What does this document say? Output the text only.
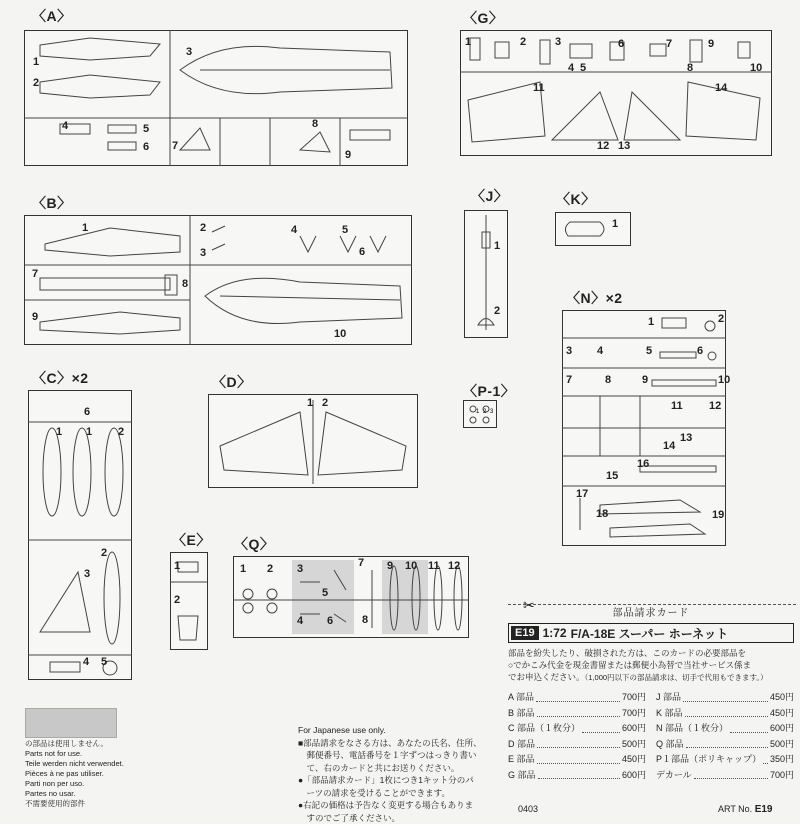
〈A〉
1
2
3
4	5
6 7
8
9
〈G〉
1	2	3
4 5
6	7
8
9
10
11
12 13
14
〈B〉
1	2
3
4	5
6
7
8
9
10
〈J〉
1
2
〈K〉
1
〈N〉×2
1	2
3 4	5	6
7	8	9	10
11 12
13
14
15
16
17
18	19
〈C〉×2
6
1 1 2
2
3
4 5
〈D〉
1 2
〈P-1〉
1 2 3
〈E〉
1
2
〈Q〉
1 2 3
4
5
6
7
8
9 10 11 12
の部品は使用しません。
Parts not for use.
Teile werden nicht verwendet.
Pièces à ne pas utiliser.
Parti non per uso.
Partes no usar.
不需要使用的部件
For Japanese use only.
■部品請求をなさる方は、あなたの氏名、住所、
　郵便番号、電話番号を１字ずつはっきり書い
　て、右のカードと共にお送りください。
●「部品請求カード」1枚につき1キット分のパ
　ーツの請求を受けることができます。
●右記の価格は予告なく変更する場合もありま
　すのでご了承ください。
✂
部品請求カード
E19 1:72 F/A-18E スーパー ホーネット
部品を紛失したり、破損された方は、このカードの必要部品を
○でかこみ代金を現金書留または郵便小為替で当社サービス係ま
でお申込ください。（1,000円以下の部品請求は、切手で代用もできます。）
A 部品	700円
B 部品	700円
C 部品（１枚分）	600円
D 部品	500円
E 部品	450円
G 部品	600円
J 部品	450円
K 部品	450円
N 部品（１枚分）	600円
Q 部品	500円
P１部品（ポリキャップ） 350円
デカール	700円
0403	ART No. E19
